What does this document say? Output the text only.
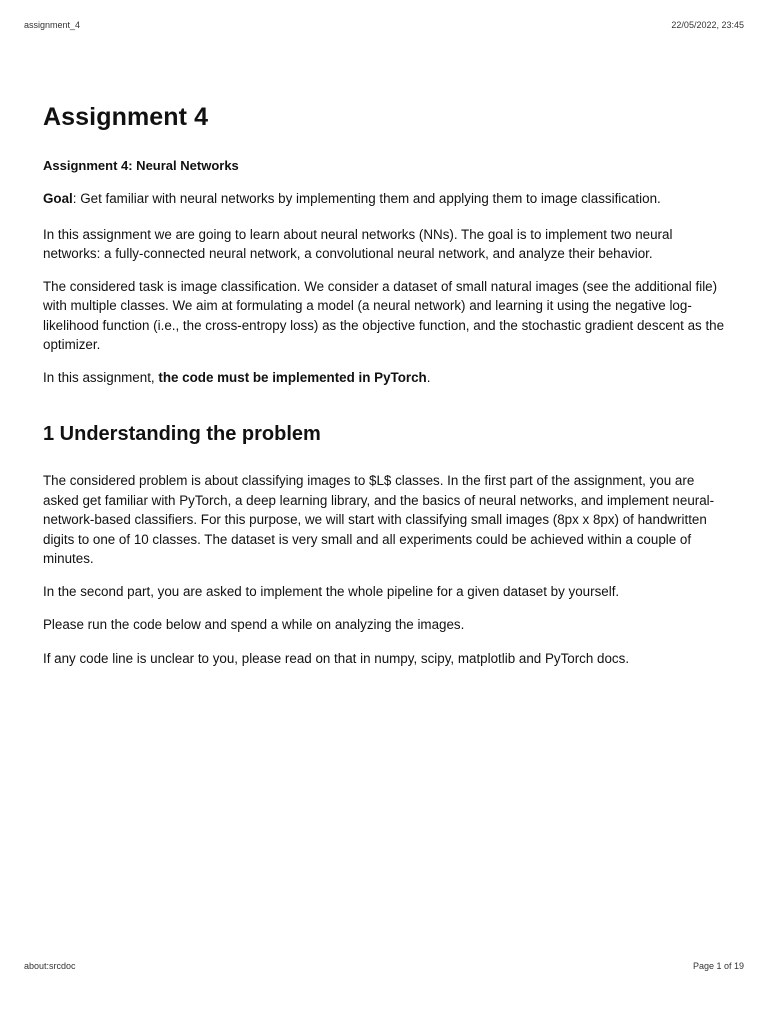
assignment_4	22/05/2022, 23:45
Assignment 4
Assignment 4: Neural Networks

Goal: Get familiar with neural networks by implementing them and applying them to image classification.

In this assignment we are going to learn about neural networks (NNs). The goal is to implement two neural networks: a fully-connected neural network, a convolutional neural network, and analyze their behavior.

The considered task is image classification. We consider a dataset of small natural images (see the additional file) with multiple classes. We aim at formulating a model (a neural network) and learning it using the negative log-likelihood function (i.e., the cross-entropy loss) as the objective function, and the stochastic gradient descent as the optimizer.

In this assignment, the code must be implemented in PyTorch.

1 Understanding the problem

The considered problem is about classifying images to $L$ classes. In the first part of the assignment, you are asked get familiar with PyTorch, a deep learning library, and the basics of neural networks, and implement neural-network-based classifiers. For this purpose, we will start with classifying small images (8px x 8px) of handwritten digits to one of 10 classes. The dataset is very small and all experiments could be achieved within a couple of minutes.

In the second part, you are asked to implement the whole pipeline for a given dataset by yourself.

Please run the code below and spend a while on analyzing the images.

If any code line is unclear to you, please read on that in numpy, scipy, matplotlib and PyTorch docs.

about:srcdoc	Page 1 of 19
